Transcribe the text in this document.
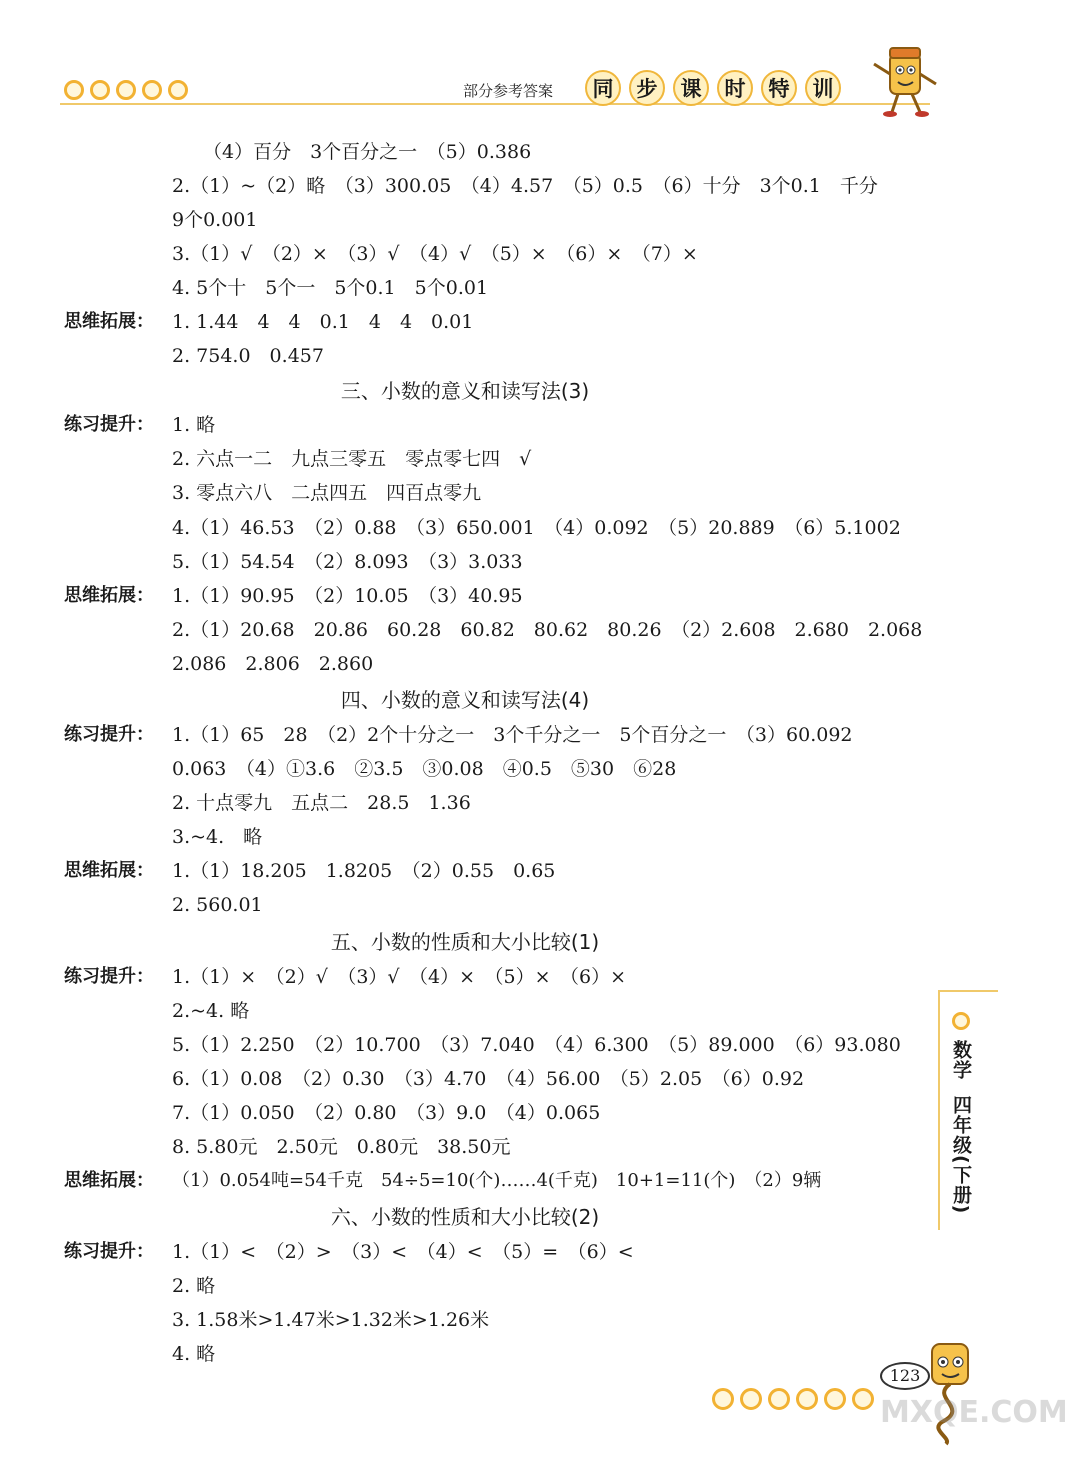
部分参考答案	同	步	课	时	特	训
（4）百分　3个百分之一　（5）0.386
2.（1）~（2）略　（3）300.05　（4）4.57　（5）0.5　（6）十分　3个0.1　千分
9个0.001
3.（1）√　（2）×　（3）√　（4）√　（5）×　（6）×　（7）×
4. 5个十　5个一　5个0.1　5个0.01
思维拓展： 1. 1.44　4　4　0.1　4　4　0.01
2. 754.0　0.457
三、小数的意义和读写法(3)
练习提升： 1. 略
2. 六点一二　九点三零五　零点零七四　√
3. 零点六八　二点四五　四百点零九
4.（1）46.53　（2）0.88　（3）650.001　（4）0.092　（5）20.889　（6）5.1002
5.（1）54.54　（2）8.093　（3）3.033
思维拓展： 1.（1）90.95　（2）10.05　（3）40.95
2.（1）20.68　20.86　60.28　60.82　80.62　80.26　（2）2.608　2.680　2.068
2.086　2.806　2.860
四、小数的意义和读写法(4)
练习提升： 1.（1）65　28　（2）2个十分之一　3个千分之一　5个百分之一　（3）60.092
0.063　（4）①3.6　②3.5　③0.08　④0.5　⑤30　⑥28
2. 十点零九　五点二　28.5　1.36
3.~4.　略
思维拓展： 1.（1）18.205　1.8205　（2）0.55　0.65
2. 560.01
五、小数的性质和大小比较(1)
练习提升： 1.（1）×　（2）√　（3）√　（4）×　（5）×　（6）×
2.~4. 略
5.（1）2.250　（2）10.700　（3）7.040　（4）6.300　（5）89.000　（6）93.080
6.（1）0.08　（2）0.30　（3）4.70　（4）56.00　（5）2.05　（6）0.92
7.（1）0.050　（2）0.80　（3）9.0　（4）0.065
8. 5.80元　2.50元　0.80元　38.50元
思维拓展： （1）0.054吨=54千克　54÷5=10(个)……4(千克)　10+1=11(个)　（2）9辆
六、小数的性质和大小比较(2)
练习提升： 1.（1）<　（2）>　（3）<　（4）<　（5）=　（6）<
2. 略
3. 1.58米>1.47米>1.32米>1.26米
4. 略
数学
四年级(下册)
123
MXQE.COM
